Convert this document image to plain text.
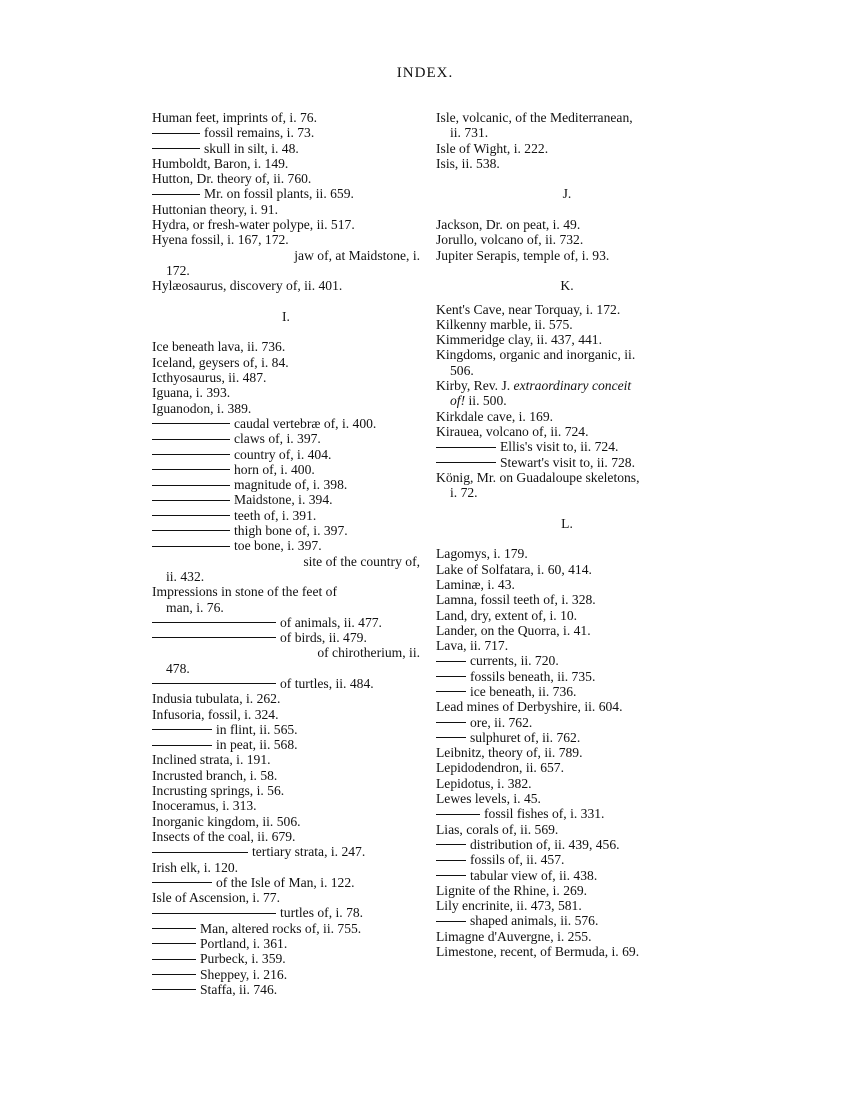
INDEX.
Human feet, imprints of, i. 76.
fossil remains, i. 73.
skull in silt, i. 48.
Humboldt, Baron, i. 149.
Hutton, Dr. theory of, ii. 760.
Mr. on fossil plants, ii. 659.
Huttonian theory, i. 91.
Hydra, or fresh-water polype, ii. 517.
Hyena fossil, i. 167, 172.
jaw of, at Maidstone, i.
172.
Hylæosaurus, discovery of, ii. 401.
I.
Ice beneath lava, ii. 736.
Iceland, geysers of, i. 84.
Icthyosaurus, ii. 487.
Iguana, i. 393.
Iguanodon, i. 389.
caudal vertebræ of, i. 400.
claws of, i. 397.
country of, i. 404.
horn of, i. 400.
magnitude of, i. 398.
Maidstone, i. 394.
teeth of, i. 391.
thigh bone of, i. 397.
toe bone, i. 397.
site of the country of,
ii. 432.
Impressions in stone of the feet of
man, i. 76.
of animals, ii. 477.
of birds, ii. 479.
of chirotherium, ii.
478.
of turtles, ii. 484.
Indusia tubulata, i. 262.
Infusoria, fossil, i. 324.
in flint, ii. 565.
in peat, ii. 568.
Inclined strata, i. 191.
Incrusted branch, i. 58.
Incrusting springs, i. 56.
Inoceramus, i. 313.
Inorganic kingdom, ii. 506.
Insects of the coal, ii. 679.
tertiary strata, i. 247.
Irish elk, i. 120.
of the Isle of Man, i. 122.
Isle of Ascension, i. 77.
turtles of, i. 78.
Man, altered rocks of, ii. 755.
Portland, i. 361.
Purbeck, i. 359.
Sheppey, i. 216.
Staffa, ii. 746.
Isle, volcanic, of the Mediterranean,
ii. 731.
Isle of Wight, i. 222.
Isis, ii. 538.
J.
Jackson, Dr. on peat, i. 49.
Jorullo, volcano of, ii. 732.
Jupiter Serapis, temple of, i. 93.
K.
Kent's Cave, near Torquay, i. 172.
Kilkenny marble, ii. 575.
Kimmeridge clay, ii. 437, 441.
Kingdoms, organic and inorganic, ii.
506.
Kirby, Rev. J. extraordinary conceit
of! ii. 500.
Kirkdale cave, i. 169.
Kirauea, volcano of, ii. 724.
Ellis's visit to, ii. 724.
Stewart's visit to, ii. 728.
König, Mr. on Guadaloupe skeletons,
i. 72.
L.
Lagomys, i. 179.
Lake of Solfatara, i. 60, 414.
Laminæ, i. 43.
Lamna, fossil teeth of, i. 328.
Land, dry, extent of, i. 10.
Lander, on the Quorra, i. 41.
Lava, ii. 717.
currents, ii. 720.
fossils beneath, ii. 735.
ice beneath, ii. 736.
Lead mines of Derbyshire, ii. 604.
ore, ii. 762.
sulphuret of, ii. 762.
Leibnitz, theory of, ii. 789.
Lepidodendron, ii. 657.
Lepidotus, i. 382.
Lewes levels, i. 45.
fossil fishes of, i. 331.
Lias, corals of, ii. 569.
distribution of, ii. 439, 456.
fossils of, ii. 457.
tabular view of, ii. 438.
Lignite of the Rhine, i. 269.
Lily encrinite, ii. 473, 581.
shaped animals, ii. 576.
Limagne d'Auvergne, i. 255.
Limestone, recent, of Bermuda, i. 69.
